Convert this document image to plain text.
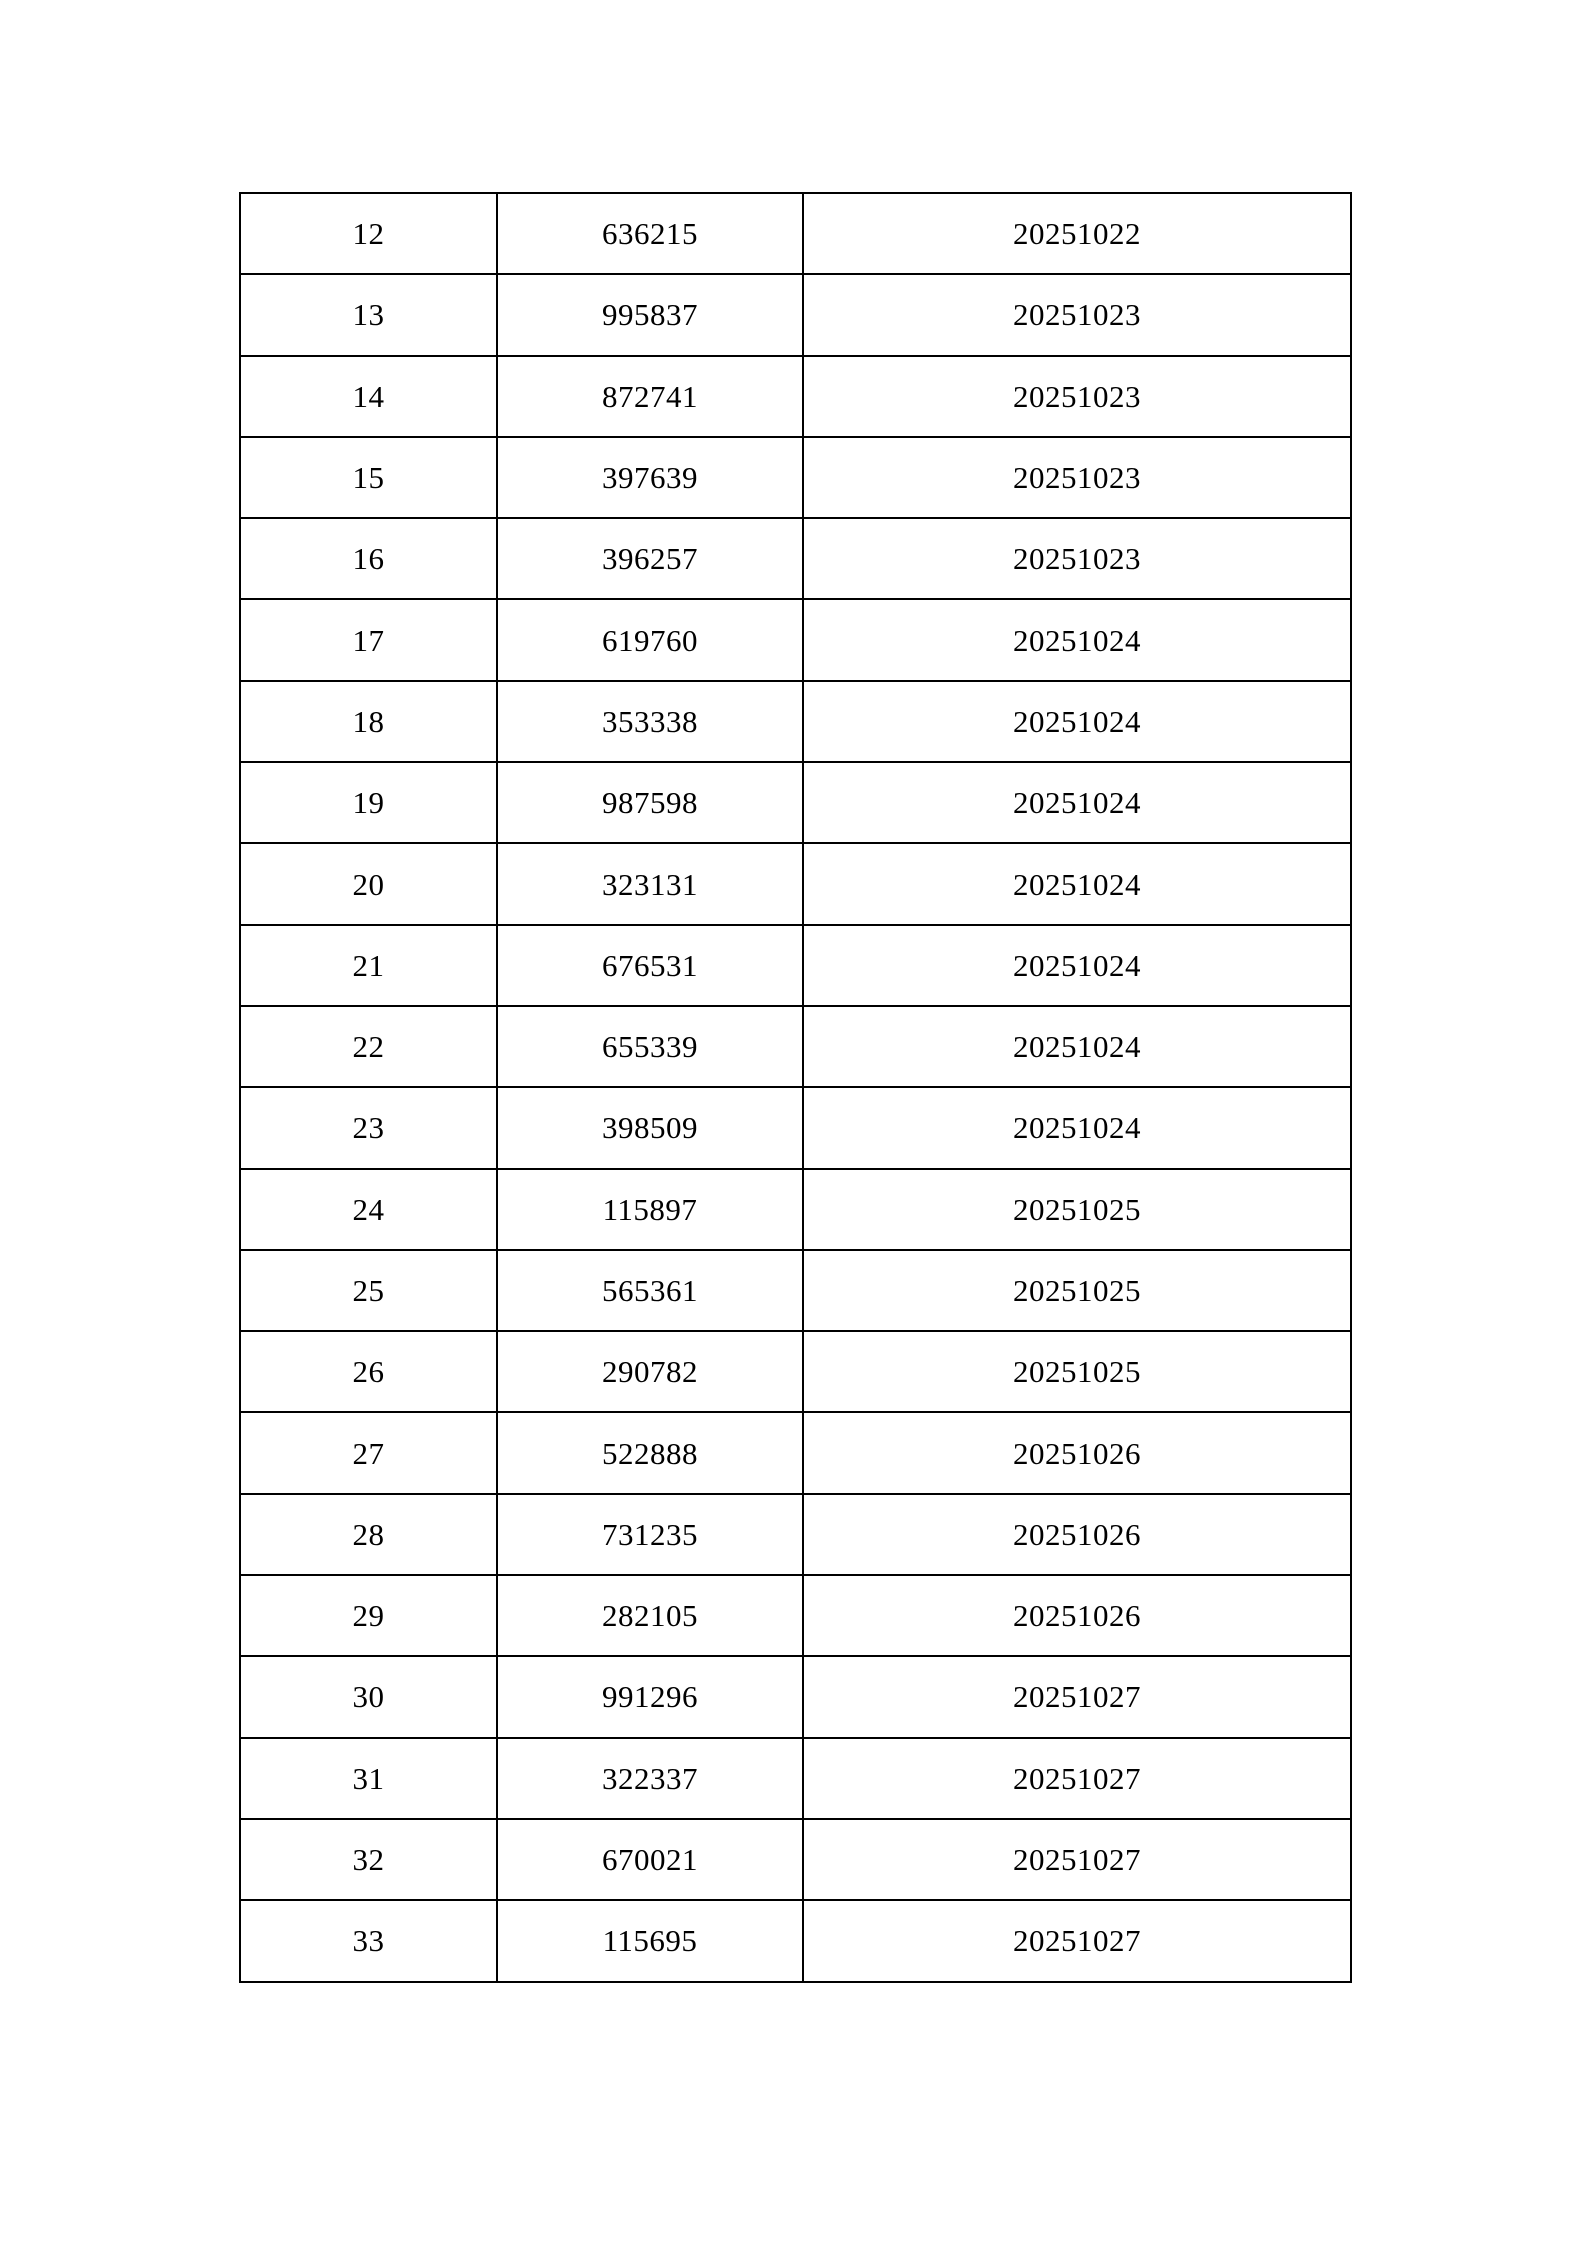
12	636215	20251022
13	995837	20251023
14	872741	20251023
15	397639	20251023
16	396257	20251023
17	619760	20251024
18	353338	20251024
19	987598	20251024
20	323131	20251024
21	676531	20251024
22	655339	20251024
23	398509	20251024
24	115897	20251025
25	565361	20251025
26	290782	20251025
27	522888	20251026
28	731235	20251026
29	282105	20251026
30	991296	20251027
31	322337	20251027
32	670021	20251027
33	115695	20251027
